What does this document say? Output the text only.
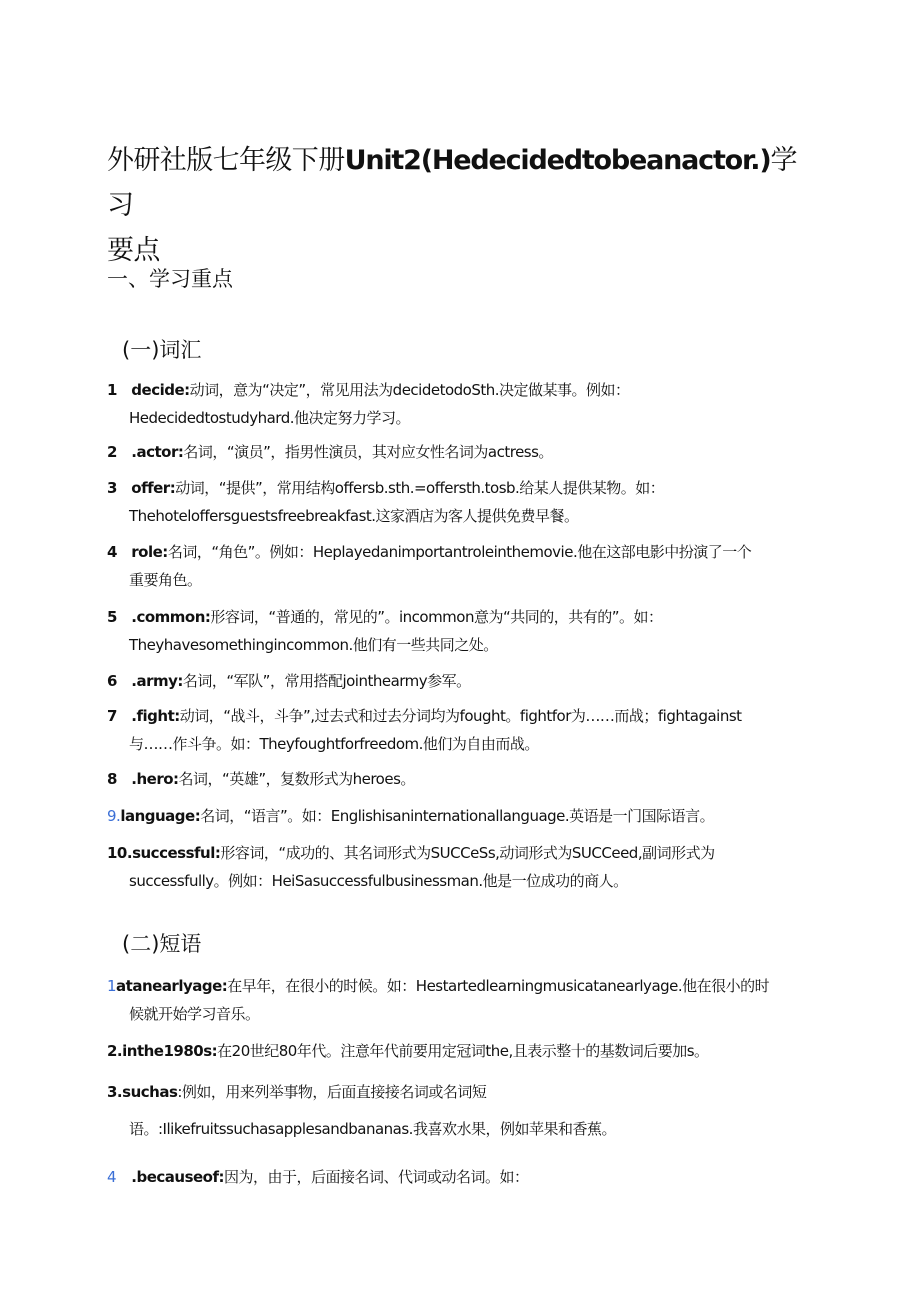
外研社版七年级下册Unit2(Hedecidedtobeanactor.)学习
要点
一、学习重点
(一)词汇
1 decide:动词，意为“决定”，常见用法为decidetodoSth.决定做某事。例如：
Hedecidedtostudyhard.他决定努力学习。
2 .actor:名词，“演员”，指男性演员，其对应女性名词为actress。
3 offer:动词，“提供”，常用结构offersb.sth.=offersth.tosb.给某人提供某物。如：
Thehoteloffersguestsfreebreakfast.这家酒店为客人提供免费早餐。
4 role:名词，“角色”。例如：Heplayedanimportantroleinthemovie.他在这部电影中扮演了一个
重要角色。
5 .common:形容词，“普通的，常见的”。incommon意为“共同的，共有的”。如：
Theyhavesomethingincommon.他们有一些共同之处。
6 .army:名词，“军队”，常用搭配jointhearmy参军。
7 .fight:动词，“战斗，斗争”,过去式和过去分词均为fought。fightfor为……而战；fightagainst
与……作斗争。如：Theyfoughtforfreedom.他们为自由而战。
8 .hero:名词，“英雄”，复数形式为heroes。
9.language:名词，“语言”。如：Englishisaninternationallanguage.英语是一门国际语言。
10.successful:形容词，“成功的、其名词形式为SUCCeSs,动词形式为SUCCeed,副词形式为
successfully。例如：HeiSasuccessfulbusinessman.他是一位成功的商人。
(二)短语
1atanearlyage:在早年，在很小的时候。如：Hestartedlearningmusicatanearlyage.他在很小的时
候就开始学习音乐。
2.inthe1980s:在20世纪80年代。注意年代前要用定冠词the,且表示整十的基数词后要加s。
3.suchas:例如，用来列举事物，后面直接接名词或名词短
语。:Ilikefruitssuchasapplesandbananas.我喜欢水果，例如苹果和香蕉。
4 .becauseof:因为，由于，后面接名词、代词或动名词。如：
